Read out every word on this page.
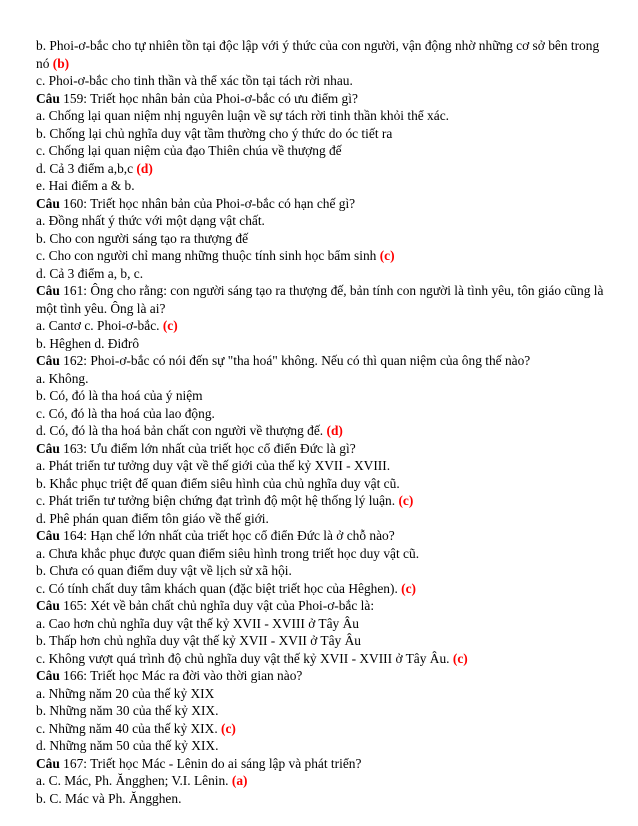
b. Phoi-ơ-bắc cho tự nhiên tồn tại độc lập với ý thức của con người, vận động nhờ những cơ sở bên trong nó (b)
c. Phoi-ơ-bắc cho tinh thần và thể xác tồn tại tách rời nhau.
Câu 159: Triết học nhân bản của Phoi-ơ-bắc có ưu điểm gì?
a. Chống lại quan niệm nhị nguyên luận về sự tách rời tinh thần khỏi thể xác.
b. Chống lại chủ nghĩa duy vật tầm thường cho ý thức do óc tiết ra
c. Chống lại quan niệm của đạo Thiên chúa về thượng đế
d. Cả 3 điểm a,b,c (d)
e. Hai điểm a & b.
Câu 160: Triết học nhân bản của Phoi-ơ-bắc có hạn chế gì?
a. Đồng nhất ý thức với một dạng vật chất.
b. Cho con người sáng tạo ra thượng đế
c. Cho con người chỉ mang những thuộc tính sinh học bẩm sinh (c)
d. Cả 3 điểm a, b, c.
Câu 161: Ông cho rằng: con người sáng tạo ra thượng đế, bản tính con người là tình yêu, tôn giáo cũng là một tình yêu. Ông là ai?
a. Cantơ c. Phoi-ơ-bắc. (c)
b. Hêghen d. Điđrô
Câu 162: Phoi-ơ-bắc có nói đến sự "tha hoá" không. Nếu có thì quan niệm của ông thế nào?
a. Không.
b. Có, đó là tha hoá của ý niệm
c. Có, đó là tha hoá của lao động.
d. Có, đó là tha hoá bản chất con người về thượng đế. (d)
Câu 163: Ưu điểm lớn nhất của triết học cổ điển Đức là gì?
a. Phát triển tư tưởng duy vật về thế giới của thế kỷ XVII - XVIII.
b. Khắc phục triệt để quan điểm siêu hình của chủ nghĩa duy vật cũ.
c. Phát triển tư tưởng biện chứng đạt trình độ một hệ thống lý luận. (c)
d. Phê phán quan điểm tôn giáo về thế giới.
Câu 164: Hạn chế lớn nhất của triết học cổ điển Đức là ở chỗ nào?
a. Chưa khắc phục được quan điểm siêu hình trong triết học duy vật cũ.
b. Chưa có quan điểm duy vật về lịch sử xã hội.
c. Có tính chất duy tâm khách quan (đặc biệt triết học của Hêghen). (c)
Câu 165: Xét về bản chất chủ nghĩa duy vật của Phoi-ơ-bắc là:
a. Cao hơn chủ nghĩa duy vật thế kỷ XVII - XVIII ở Tây Âu
b. Thấp hơn chủ nghĩa duy vật thế kỷ XVII - XVII ở Tây Âu
c. Không vượt quá trình độ chủ nghĩa duy vật thế kỷ XVII - XVIII ở Tây Âu. (c)
Câu 166: Triết học Mác ra đời vào thời gian nào?
a. Những năm 20 của thế kỷ XIX
b. Những năm 30 của thế kỷ XIX.
c. Những năm 40 của thế kỷ XIX. (c)
d. Những năm 50 của thế kỷ XIX.
Câu 167: Triết học Mác - Lênin do ai sáng lập và phát triển?
a. C. Mác, Ph. Ăngghen; V.I. Lênin. (a)
b. C. Mác và Ph. Ăngghen.
